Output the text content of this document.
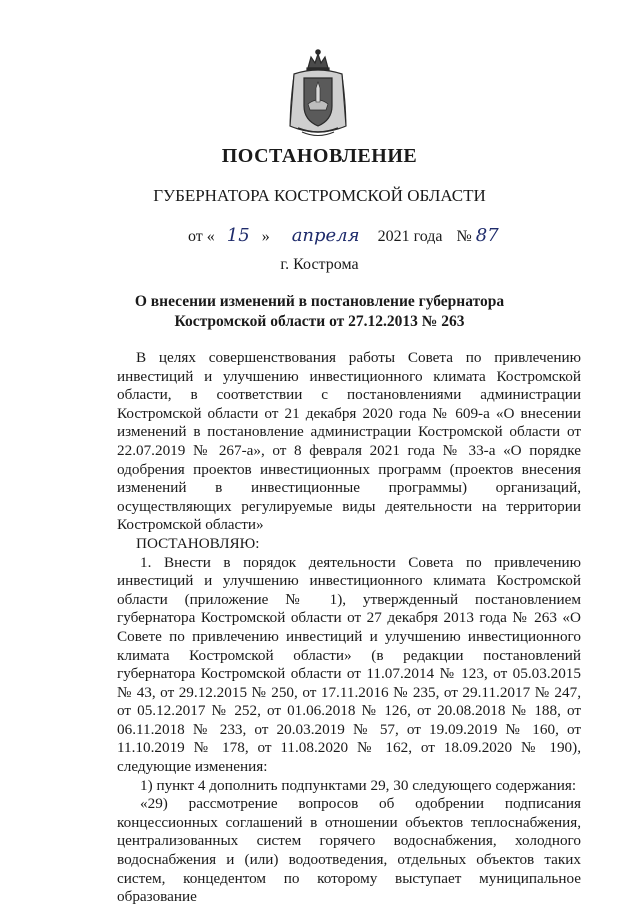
ПОСТАНОВЛЕНИЕ
ГУБЕРНАТОРА КОСТРОМСКОЙ ОБЛАСТИ
от « 15 » апреля 2021 года № 87
г. Кострома
О внесении изменений в постановление губернатора
Костромской области от 27.12.2013 № 263

В целях совершенствования работы Совета по привлечению инвестиций и улучшению инвестиционного климата Костромской области, в соответствии с постановлениями администрации Костромской области от 21 декабря 2020 года № 609-а «О внесении изменений в постановление администрации Костромской области от 22.07.2019 № 267-а», от 8 февраля 2021 года № 33-а «О порядке одобрения проектов инвестиционных программ (проектов внесения изменений в инвестиционные программы) организаций, осуществляющих регулируемые виды деятельности на территории Костромской области»

ПОСТАНОВЛЯЮ:

1. Внести в порядок деятельности Совета по привлечению инвестиций и улучшению инвестиционного климата Костромской области (приложение № 1), утвержденный постановлением губернатора Костромской области от 27 декабря 2013 года № 263 «О Совете по привлечению инвестиций и улучшению инвестиционного климата Костромской области» (в редакции постановлений губернатора Костромской области от 11.07.2014 № 123, от 05.03.2015 № 43, от 29.12.2015 № 250, от 17.11.2016 № 235, от 29.11.2017 № 247, от 05.12.2017 № 252, от 01.06.2018 № 126, от 20.08.2018 № 188, от 06.11.2018 № 233, от 20.03.2019 № 57, от 19.09.2019 № 160, от 11.10.2019 № 178, от 11.08.2020 № 162, от 18.09.2020 № 190), следующие изменения:

1) пункт 4 дополнить подпунктами 29, 30 следующего содержания:

«29) рассмотрение вопросов об одобрении подписания концессионных соглашений в отношении объектов теплоснабжения, централизованных систем горячего водоснабжения, холодного водоснабжения и (или) водоотведения, отдельных объектов таких систем, концедентом по которому выступает муниципальное образование
